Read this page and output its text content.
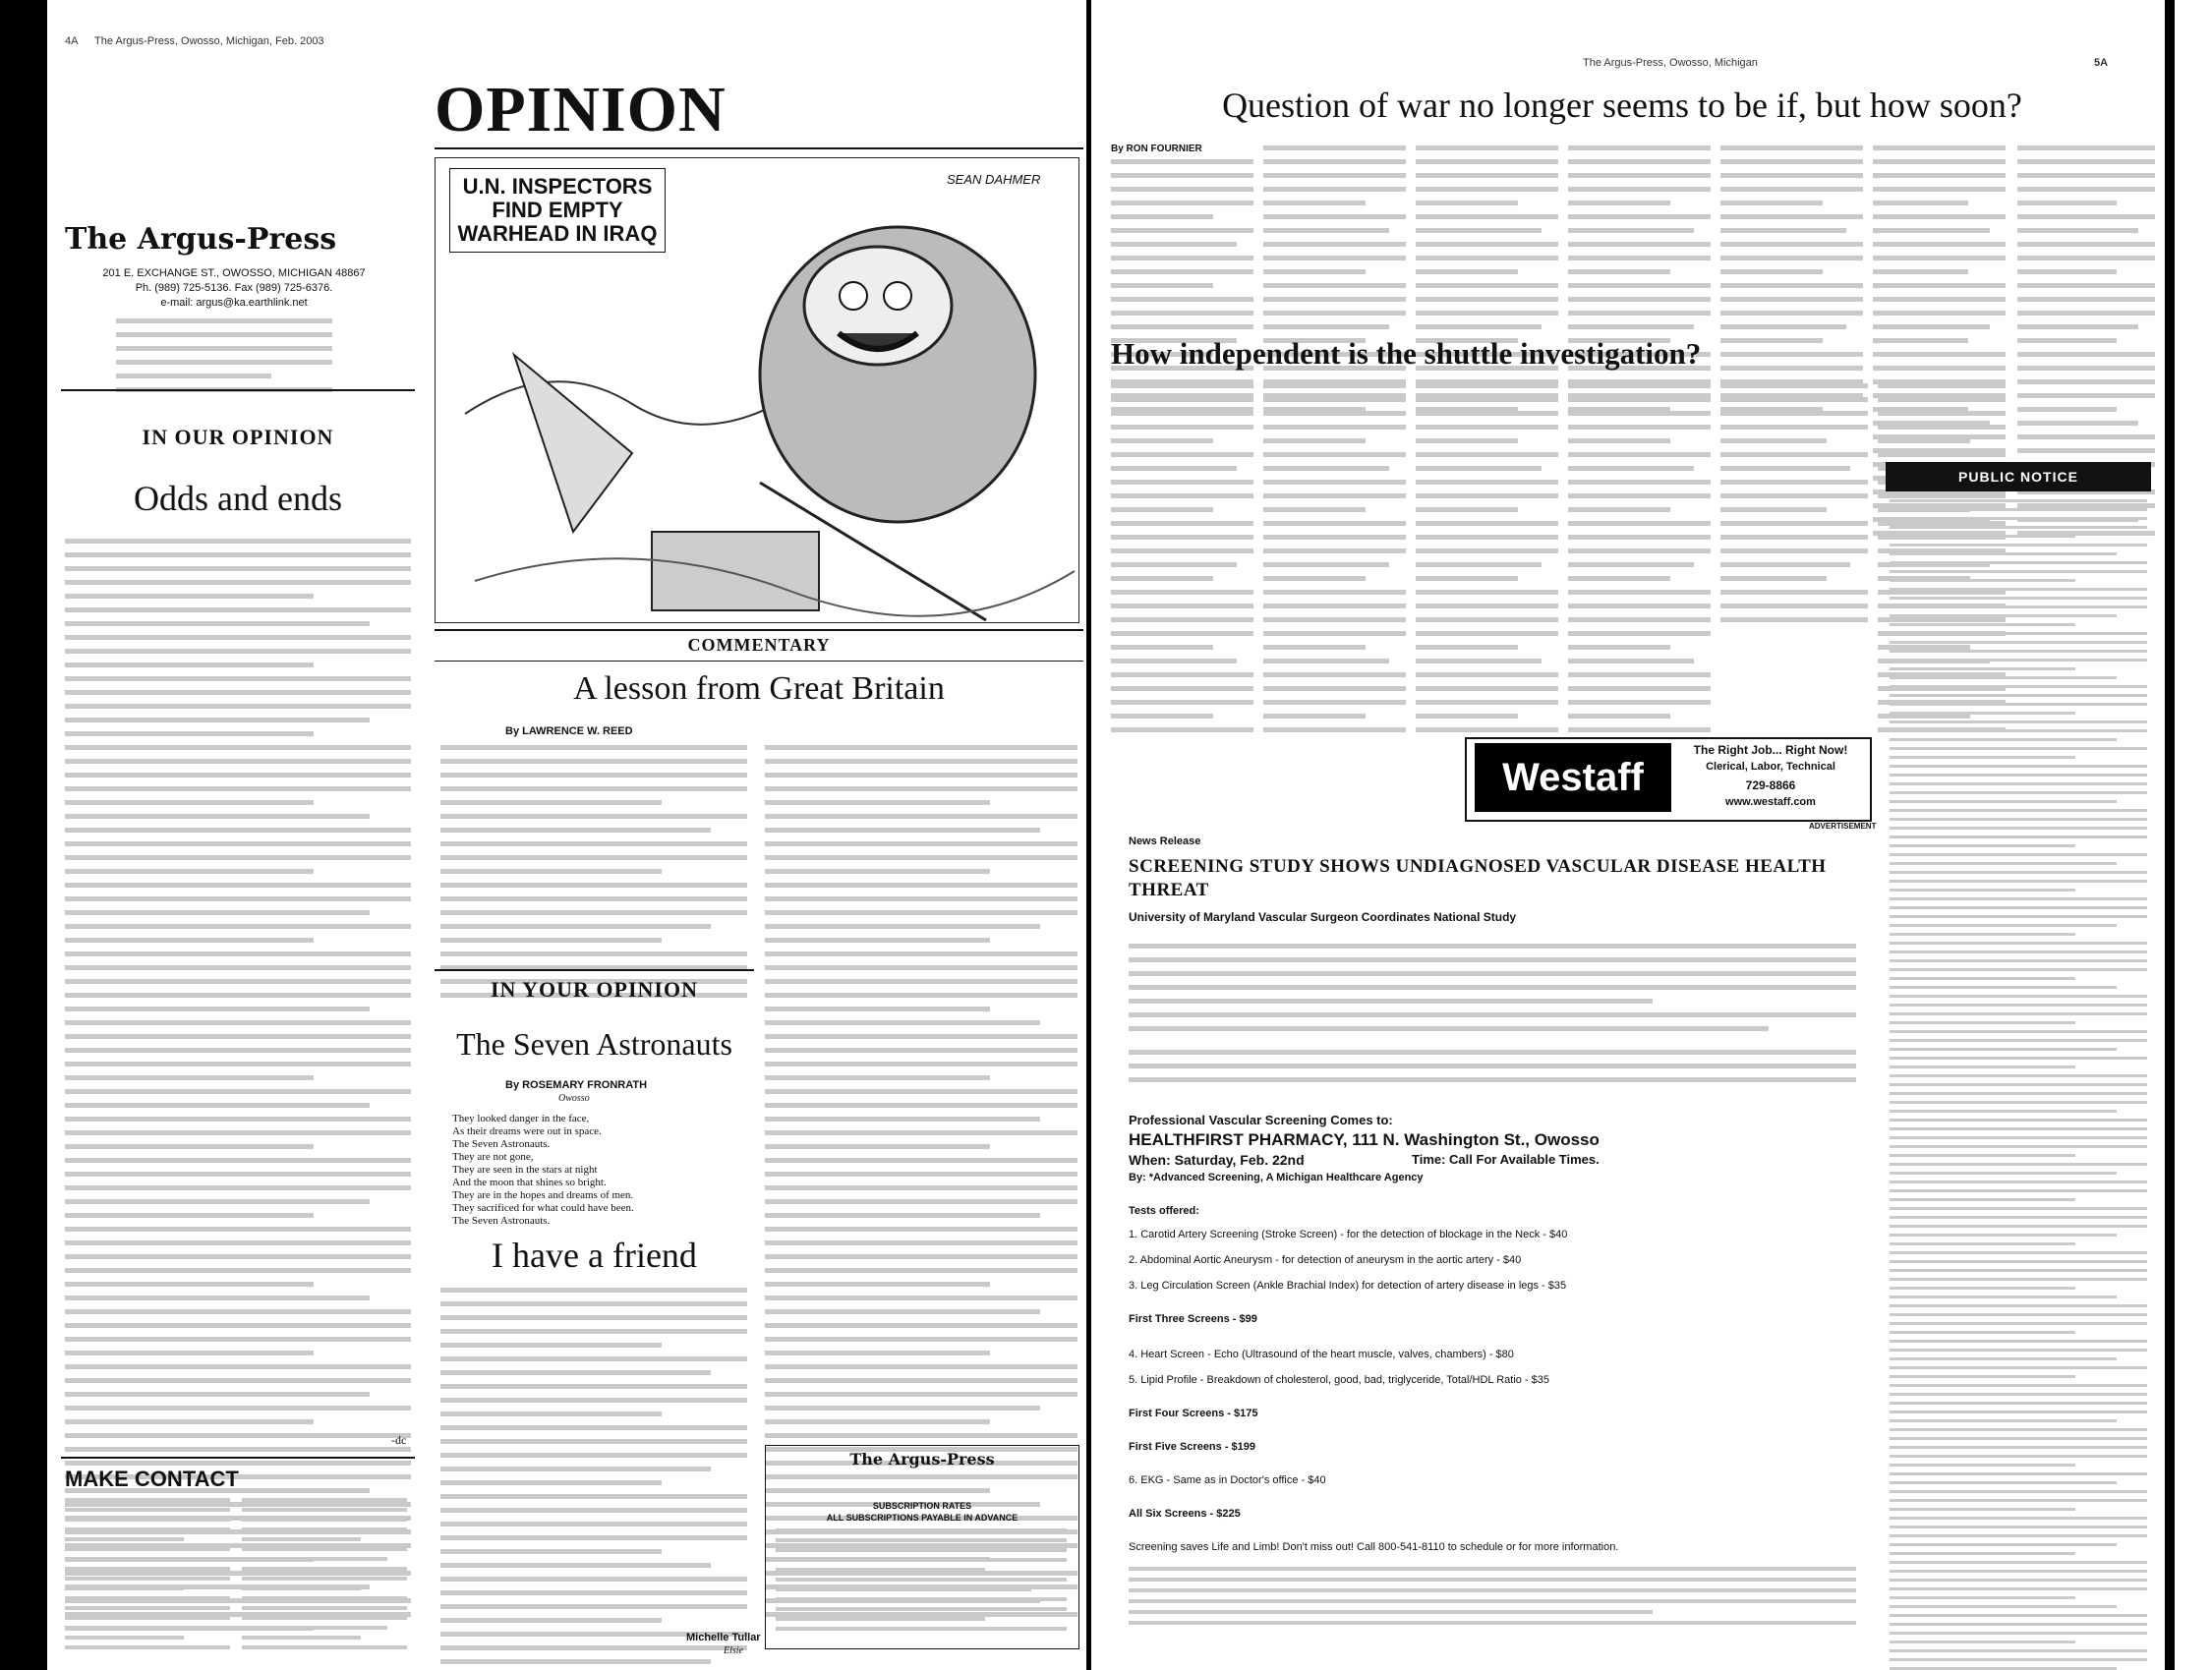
4A The Argus-Press, Owosso, Michigan, Feb. 2003
OPINION
The Argus-Press
201 E. EXCHANGE ST., OWOSSO, MICHIGAN 48867
Ph. (989) 725-5136. Fax (989) 725-6376.
e-mail: argus@ka.earthlink.net
IN OUR OPINION
Odds and ends
-dc
MAKE CONTACT
U.N. INSPECTORS FIND EMPTY WARHEAD IN IRAQ
SEAN DAHMER
COMMENTARY
A lesson from Great Britain
By LAWRENCE W. REED
IN YOUR OPINION
The Seven Astronauts
By ROSEMARY FRONRATH
Owosso
They looked danger in the face,
As their dreams were out in space.
The Seven Astronauts.
They are not gone,
They are seen in the stars at night
And the moon that shines so bright.
They are in the hopes and dreams of men.
They sacrificed for what could have been.
The Seven Astronauts.
I have a friend
Michelle Tullar
Elsie
The Argus-Press
SUBSCRIPTION RATES
ALL SUBSCRIPTIONS PAYABLE IN ADVANCE
The Argus-Press, Owosso, Michigan	5A
Question of war no longer seems to be if, but how soon?
By RON FOURNIER
How independent is the shuttle investigation?
Westaff
The Right Job... Right Now!
Clerical, Labor, Technical
729-8866
www.westaff.com
ADVERTISEMENT
News Release
SCREENING STUDY SHOWS UNDIAGNOSED VASCULAR DISEASE HEALTH THREAT
University of Maryland Vascular Surgeon Coordinates National Study
Professional Vascular Screening Comes to:
HEALTHFIRST PHARMACY, 111 N. Washington St., Owosso
When: Saturday, Feb. 22nd	Time: Call For Available Times.
By: *Advanced Screening, A Michigan Healthcare Agency
Tests offered:
1. Carotid Artery Screening (Stroke Screen) - for the detection of blockage in the Neck - $40
2. Abdominal Aortic Aneurysm - for detection of aneurysm in the aortic artery - $40
3. Leg Circulation Screen (Ankle Brachial Index) for detection of artery disease in legs - $35
First Three Screens - $99
4. Heart Screen - Echo (Ultrasound of the heart muscle, valves, chambers) - $80
5. Lipid Profile - Breakdown of cholesterol, good, bad, triglyceride, Total/HDL Ratio - $35
First Four Screens - $175
First Five Screens - $199
6. EKG - Same as in Doctor's office - $40
All Six Screens - $225
Screening saves Life and Limb! Don't miss out! Call 800-541-8110 to schedule or for more information.
PUBLIC NOTICE
